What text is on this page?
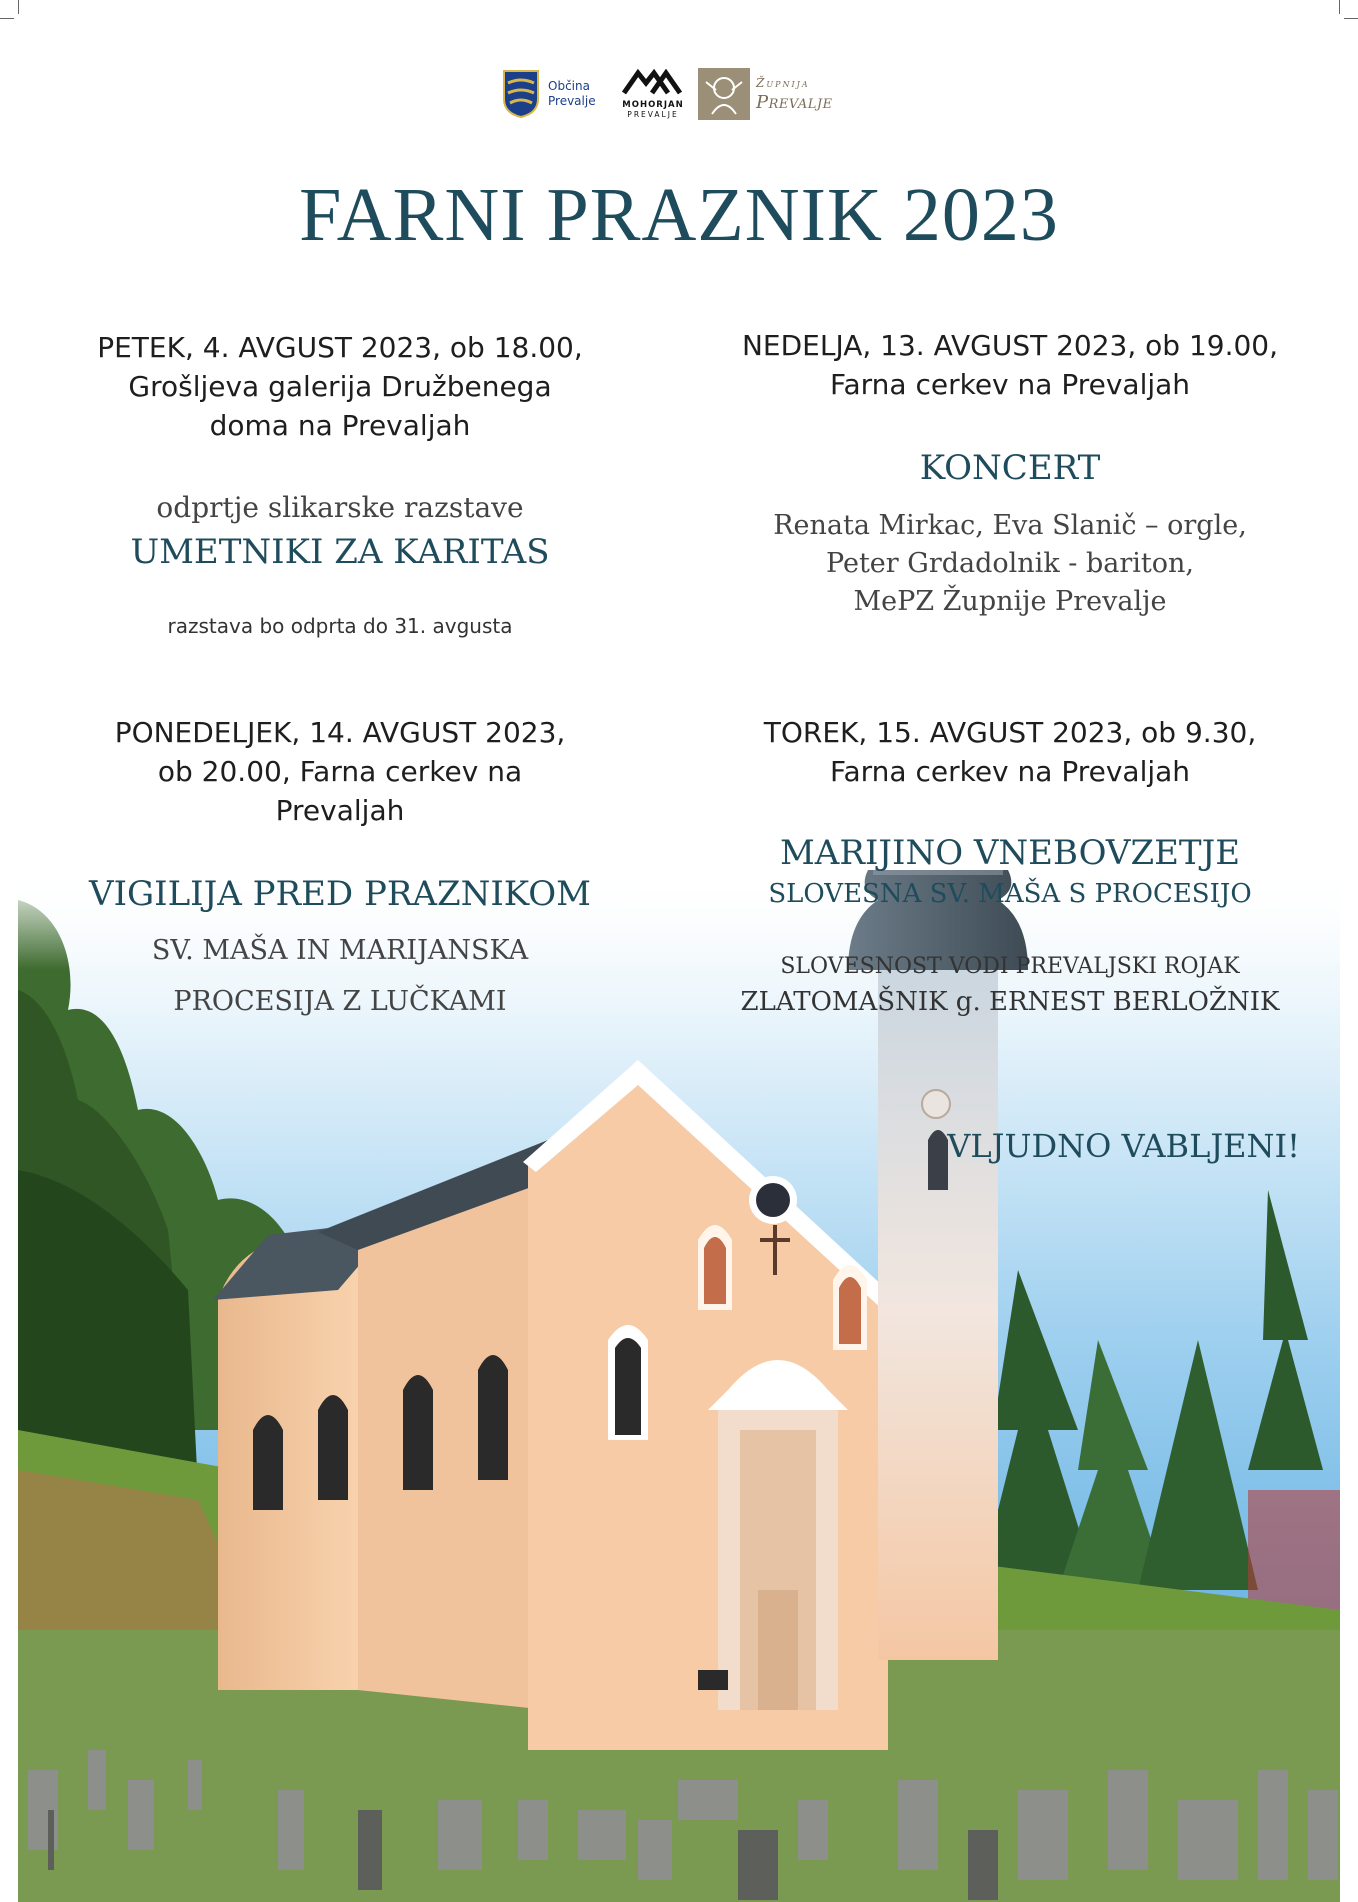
Občina
Prevalje	MOHORJAN
PREVALJE
Župnija
Prevalje
FARNI PRAZNIK 2023
PETEK, 4. AVGUST 2023, ob 18.00,
Grošljeva galerija Družbenega
doma na Prevaljah
odprtje slikarske razstave
UMETNIKI ZA KARITAS
razstava bo odprta do 31. avgusta
NEDELJA, 13. AVGUST 2023, ob 19.00,
Farna cerkev na Prevaljah
KONCERT
Renata Mirkac, Eva Slanič – orgle,
Peter Grdadolnik - bariton,
MePZ Župnije Prevalje
PONEDELJEK, 14. AVGUST 2023,
ob 20.00, Farna cerkev na
Prevaljah
VIGILIJA PRED PRAZNIKOM
SV. MAŠA IN MARIJANSKA
PROCESIJA Z LUČKAMI
TOREK, 15. AVGUST 2023, ob 9.30,
Farna cerkev na Prevaljah
MARIJINO VNEBOVZETJE
SLOVESNA SV. MAŠA S PROCESIJO
SLOVESNOST VODI PREVALJSKI ROJAK
ZLATOMAŠNIK g. ERNEST BERLOŽNIK
VLJUDNO VABLJENI!
